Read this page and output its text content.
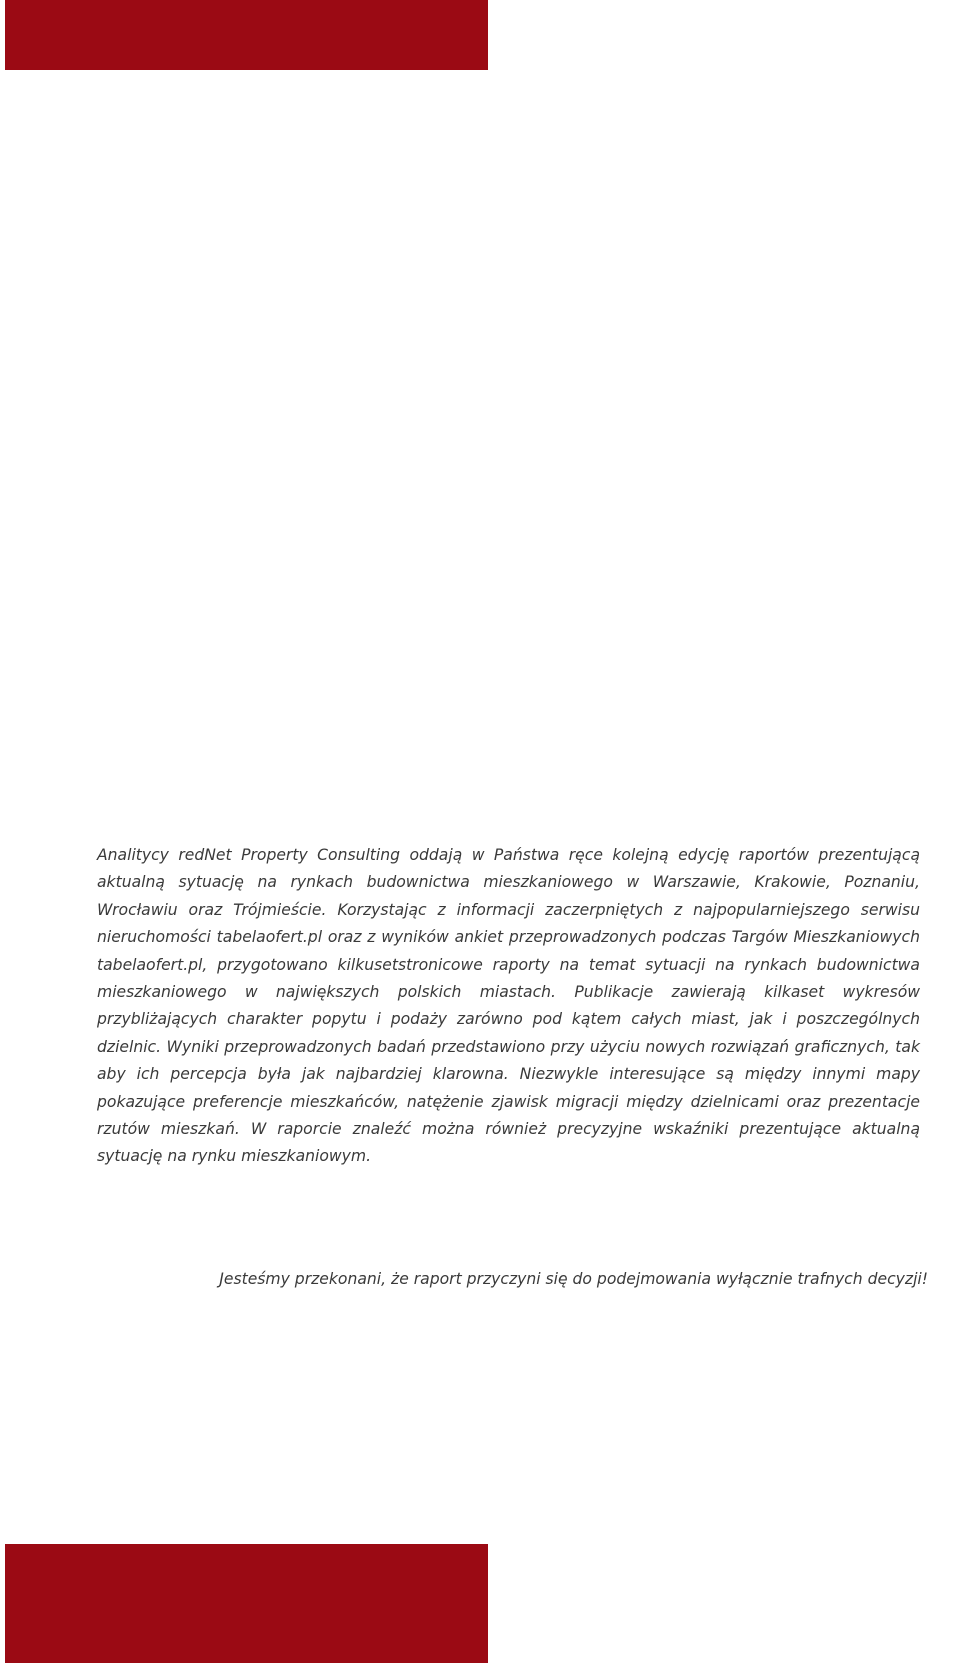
Analitycy redNet Property Consulting oddają w Państwa ręce kolejną edycję raportów prezentującą aktualną sytuację na rynkach budownictwa mieszkaniowego w Warszawie, Krakowie, Poznaniu, Wrocławiu oraz Trójmieście. Korzystając z informacji zaczerpniętych z najpopularniejszego serwisu nieruchomości tabelaofert.pl oraz z wyników ankiet przeprowadzonych podczas Targów Mieszkaniowych tabelaofert.pl, przygotowano kilkusetstronicowe raporty na temat sytuacji na rynkach budownictwa mieszkaniowego w największych polskich miastach. Publikacje zawierają kilkaset wykresów przybliżających charakter popytu i podaży zarówno pod kątem całych miast, jak i poszczególnych dzielnic. Wyniki przeprowadzonych badań przedstawiono przy użyciu nowych rozwiązań graficznych, tak aby ich percepcja była jak najbardziej klarowna. Niezwykle interesujące są między innymi mapy pokazujące preferencje mieszkańców, natężenie zjawisk migracji między dzielnicami oraz prezentacje rzutów mieszkań. W raporcie znaleźć można również precyzyjne wskaźniki prezentujące aktualną sytuację na rynku mieszkaniowym.

Jesteśmy przekonani, że raport przyczyni się do podejmowania wyłącznie trafnych decyzji!
